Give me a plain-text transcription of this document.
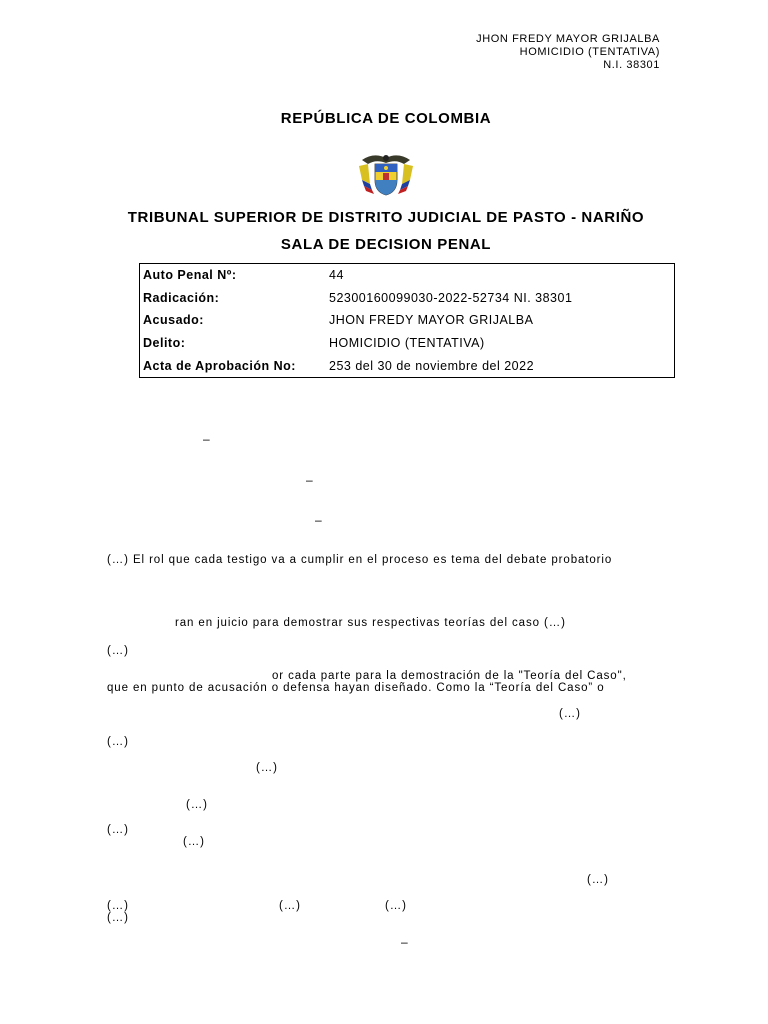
JHON FREDY MAYOR GRIJALBA
HOMICIDIO (TENTATIVA)
N.I. 38301
REPÚBLICA DE COLOMBIA
TRIBUNAL SUPERIOR DE DISTRITO JUDICIAL DE PASTO - NARIÑO
SALA DE DECISION PENAL
Auto Penal Nº:	44
Radicación:	52300160099030-2022-52734 NI. 38301
Acusado:	JHON FREDY MAYOR GRIJALBA
Delito:	HOMICIDIO (TENTATIVA)
Acta de Aprobación No:	253 del 30 de noviembre del 2022
–
–
–
(…) El rol que cada testigo va a cumplir en el proceso es tema del debate probatorio
ran en juicio para demostrar sus respectivas teorías del caso (…)
(…)
or cada parte para la demostración de la "Teoría del Caso",
que en punto de acusación o defensa hayan diseñado. Como la “Teoría del Caso” o
(…)
(…)
(…)
(…)
(…)
(…)
(…)
(…)	(…)	(…)
(…)
–
